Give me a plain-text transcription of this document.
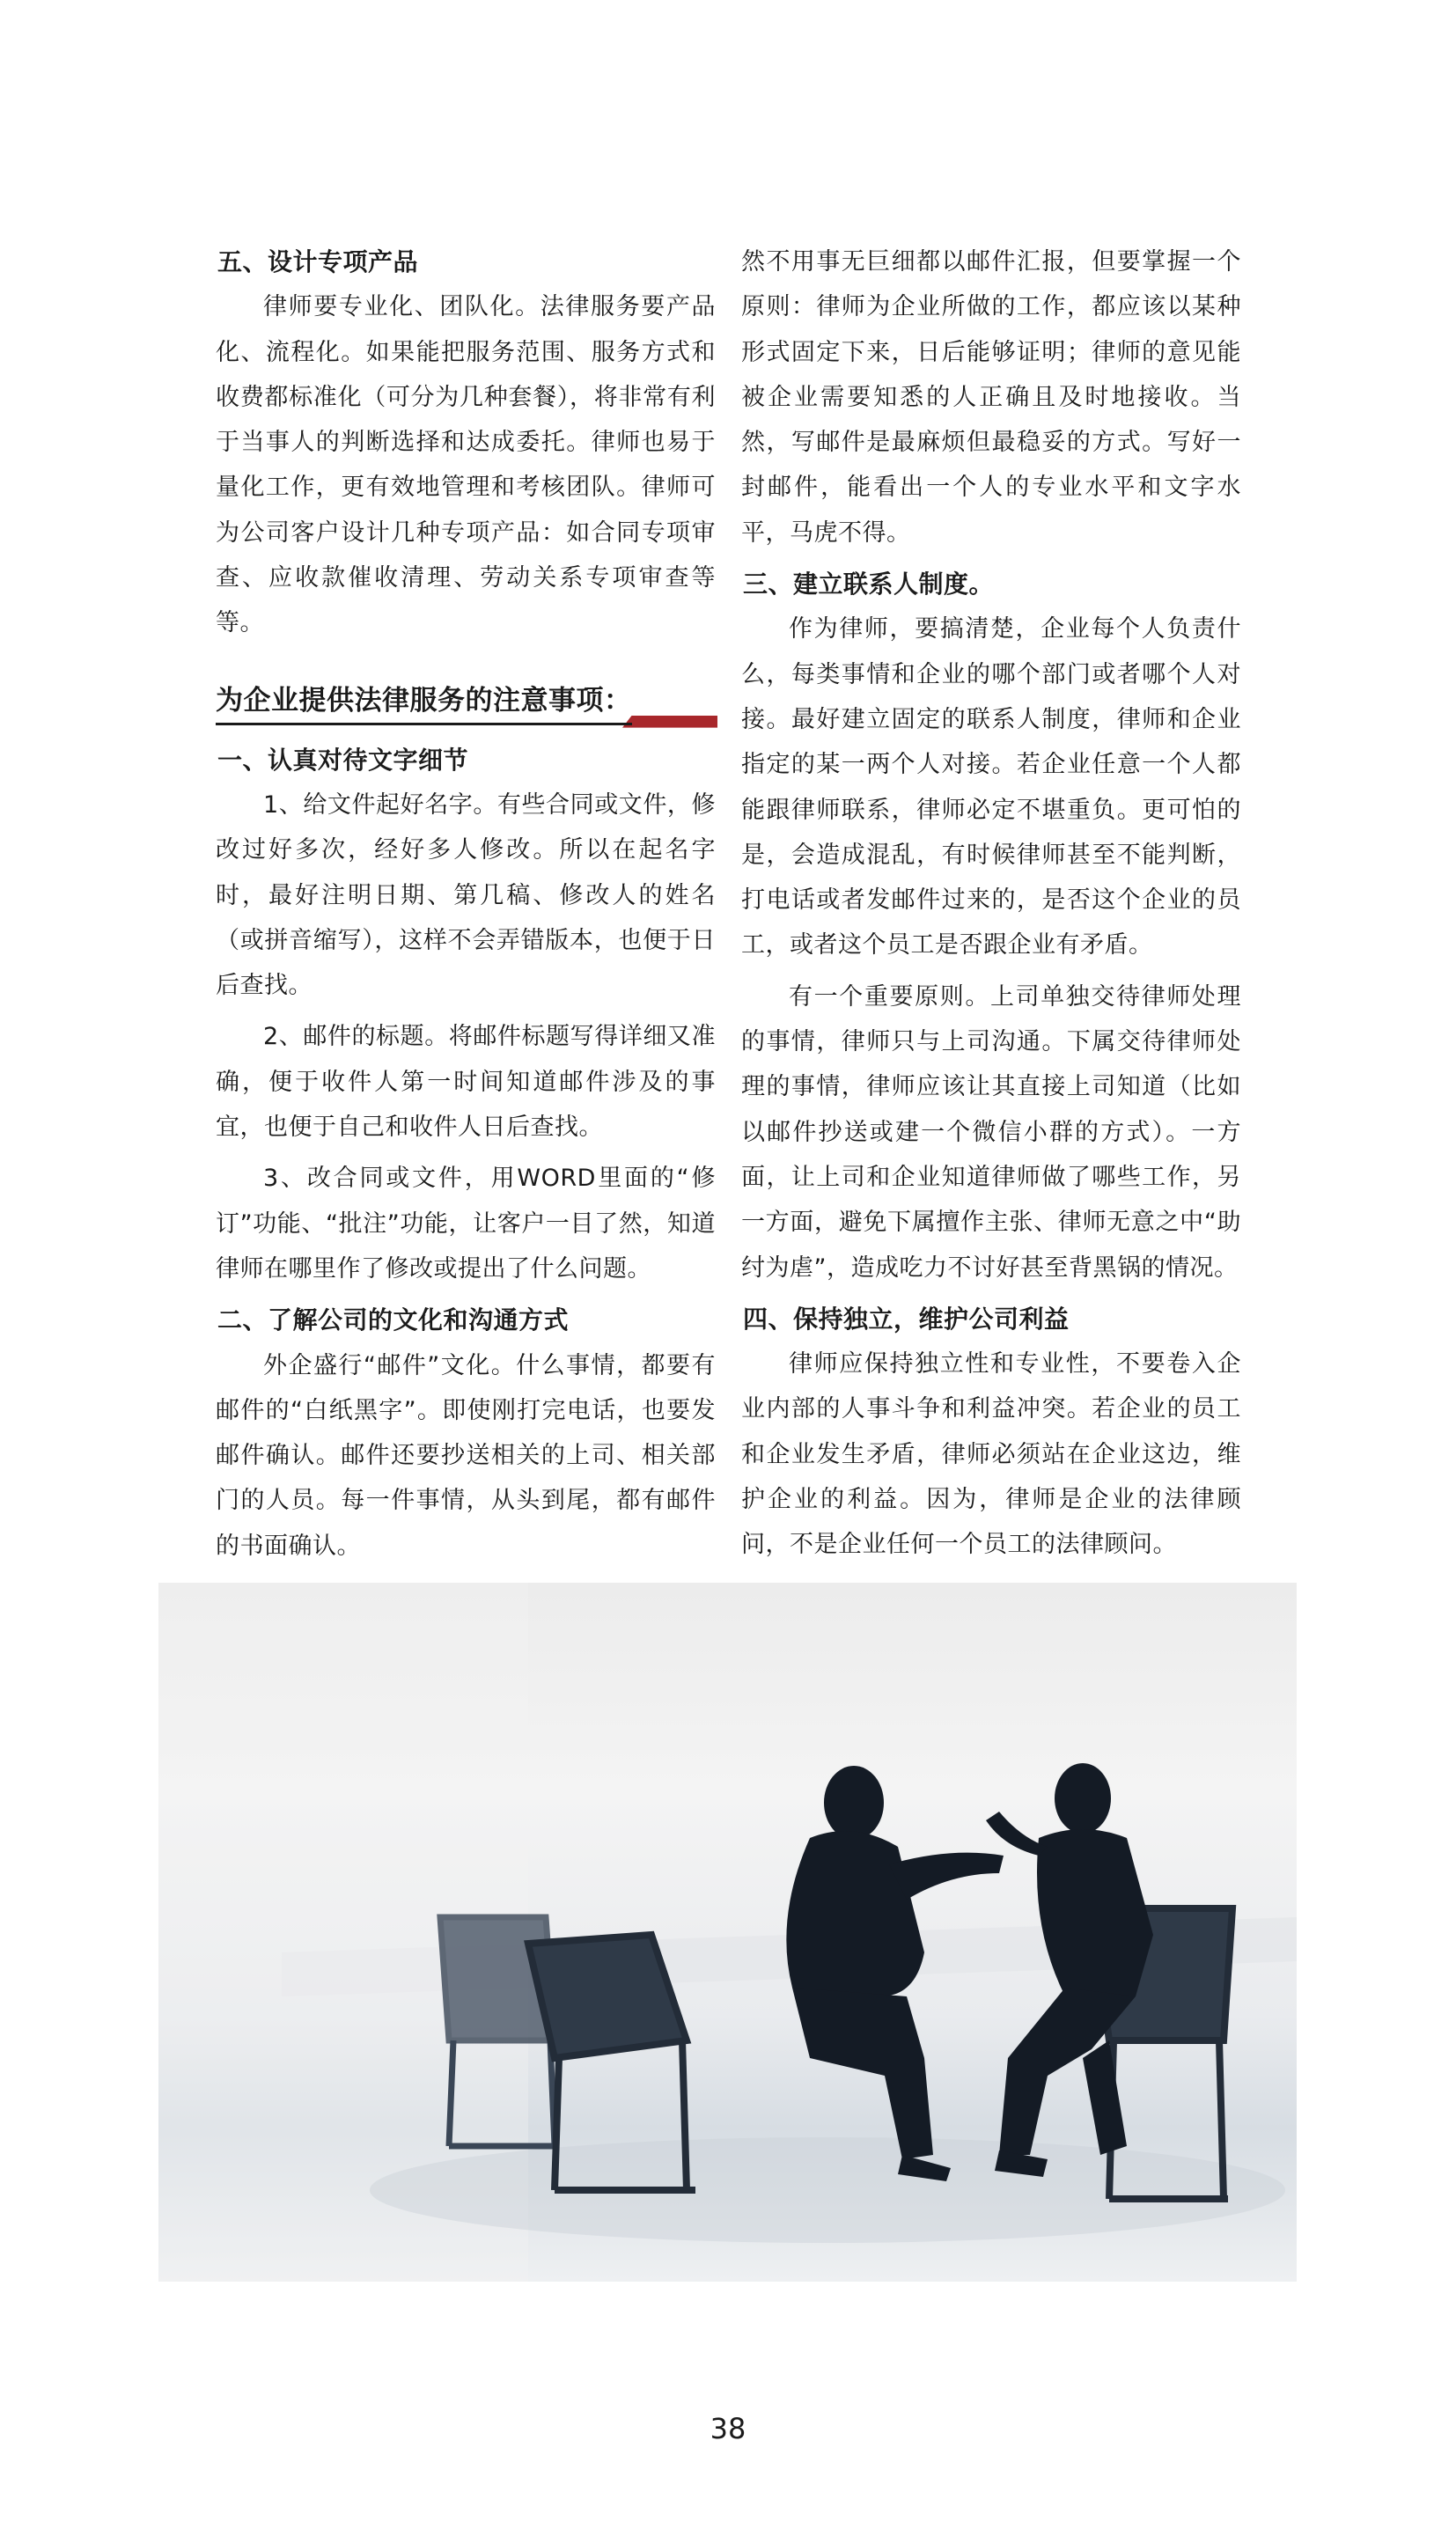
五、设计专项产品

律师要专业化、团队化。法律服务要产品化、流程化。如果能把服务范围、服务方式和收费都标准化（可分为几种套餐），将非常有利于当事人的判断选择和达成委托。律师也易于量化工作，更有效地管理和考核团队。律师可为公司客户设计几种专项产品：如合同专项审查、应收款催收清理、劳动关系专项审查等等。

为企业提供法律服务的注意事项：

一、认真对待文字细节

1、给文件起好名字。有些合同或文件，修改过好多次，经好多人修改。所以在起名字时，最好注明日期、第几稿、修改人的姓名（或拼音缩写），这样不会弄错版本，也便于日后查找。

2、邮件的标题。将邮件标题写得详细又准确，便于收件人第一时间知道邮件涉及的事宜，也便于自己和收件人日后查找。

3、改合同或文件，用WORD里面的“修订”功能、“批注”功能，让客户一目了然，知道律师在哪里作了修改或提出了什么问题。

二、了解公司的文化和沟通方式

外企盛行“邮件”文化。什么事情，都要有邮件的“白纸黑字”。即使刚打完电话，也要发邮件确认。邮件还要抄送相关的上司、相关部门的人员。每一件事情，从头到尾，都有邮件的书面确认。

然不用事无巨细都以邮件汇报，但要掌握一个原则：律师为企业所做的工作，都应该以某种形式固定下来，日后能够证明；律师的意见能被企业需要知悉的人正确且及时地接收。当然，写邮件是最麻烦但最稳妥的方式。写好一封邮件，能看出一个人的专业水平和文字水平，马虎不得。

三、建立联系人制度。

作为律师，要搞清楚，企业每个人负责什么，每类事情和企业的哪个部门或者哪个人对接。最好建立固定的联系人制度，律师和企业指定的某一两个人对接。若企业任意一个人都能跟律师联系，律师必定不堪重负。更可怕的是，会造成混乱，有时候律师甚至不能判断，打电话或者发邮件过来的，是否这个企业的员工，或者这个员工是否跟企业有矛盾。

有一个重要原则。上司单独交待律师处理的事情，律师只与上司沟通。下属交待律师处理的事情，律师应该让其直接上司知道（比如以邮件抄送或建一个微信小群的方式）。一方面，让上司和企业知道律师做了哪些工作，另一方面，避免下属擅作主张、律师无意之中“助纣为虐”，造成吃力不讨好甚至背黑锅的情况。

四、保持独立，维护公司利益

律师应保持独立性和专业性，不要卷入企业内部的人事斗争和利益冲突。若企业的员工和企业发生矛盾，律师必须站在企业这边，维护企业的利益。因为，律师是企业的法律顾问，不是企业任何一个员工的法律顾问。

38
